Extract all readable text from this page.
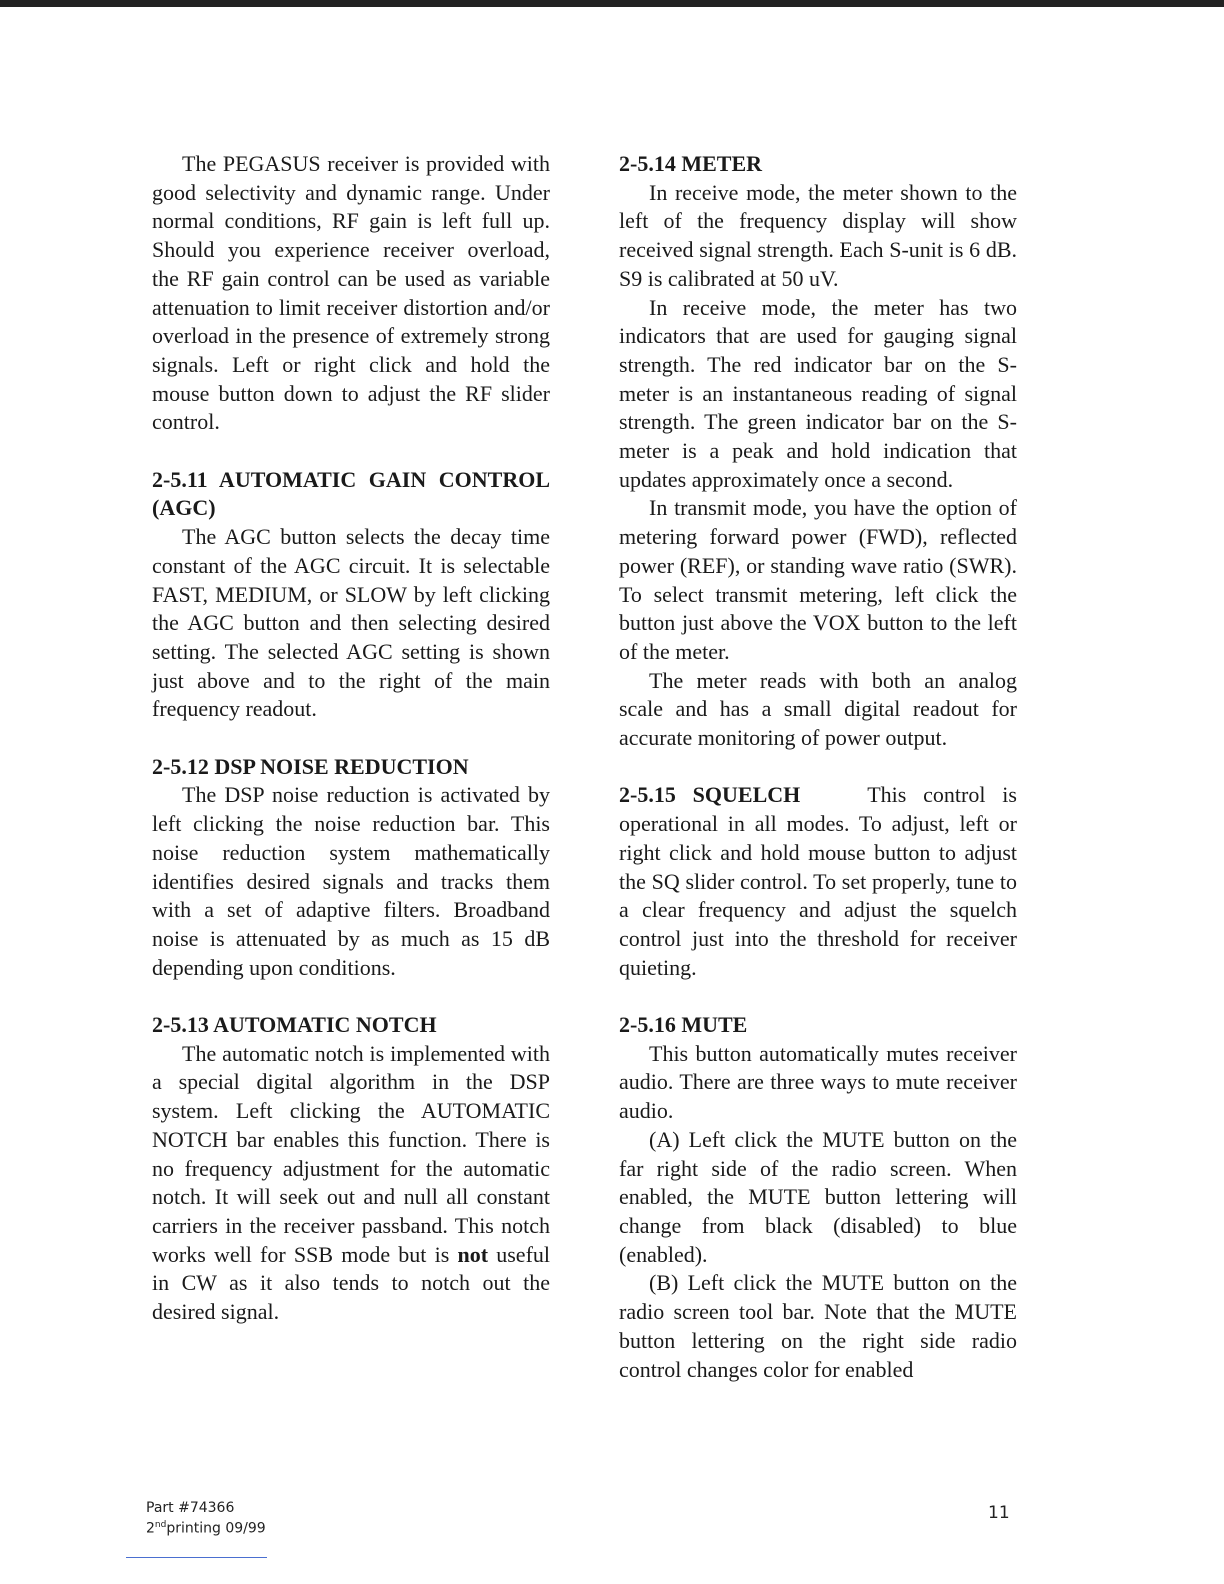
The PEGASUS receiver is provided with good selectivity and dynamic range. Under normal conditions, RF gain is left full up. Should you experience receiver overload, the RF gain control can be used as variable attenuation to limit receiver distortion and/or overload in the presence of extremely strong signals. Left or right click and hold the mouse button down to adjust the RF slider control.

2-5.11 AUTOMATIC GAIN CONTROL (AGC)

The AGC button selects the decay time constant of the AGC circuit. It is selectable FAST, MEDIUM, or SLOW by left clicking the AGC button and then selecting desired setting. The selected AGC setting is shown just above and to the right of the main frequency readout.

2-5.12 DSP NOISE REDUCTION

The DSP noise reduction is activated by left clicking the noise reduction bar. This noise reduction system mathematically identifies desired signals and tracks them with a set of adaptive filters. Broadband noise is attenuated by as much as 15 dB depending upon conditions.

2-5.13 AUTOMATIC NOTCH

The automatic notch is implemented with a special digital algorithm in the DSP system. Left clicking the AUTOMATIC NOTCH bar enables this function. There is no frequency adjustment for the automatic notch. It will seek out and null all constant carriers in the receiver passband. This notch works well for SSB mode but is not useful in CW as it also tends to notch out the desired signal.

2-5.14 METER

In receive mode, the meter shown to the left of the frequency display will show received signal strength. Each S-unit is 6 dB. S9 is calibrated at 50 uV.

In receive mode, the meter has two indicators that are used for gauging signal strength. The red indicator bar on the S-meter is an instantaneous reading of signal strength. The green indicator bar on the S-meter is a peak and hold indication that updates approximately once a second.

In transmit mode, you have the option of metering forward power (FWD), reflected power (REF), or standing wave ratio (SWR). To select transmit metering, left click the button just above the VOX button to the left of the meter.

The meter reads with both an analog scale and has a small digital readout for accurate monitoring of power output.

2-5.15 SQUELCH	This control is operational in all modes. To adjust, left or right click and hold mouse button to adjust the SQ slider control. To set properly, tune to a clear frequency and adjust the squelch control just into the threshold for receiver quieting.

2-5.16 MUTE

This button automatically mutes receiver audio. There are three ways to mute receiver audio.

(A) Left click the MUTE button on the far right side of the radio screen. When enabled, the MUTE button lettering will change from black (disabled) to blue (enabled).

(B) Left click the MUTE button on the radio screen tool bar. Note that the MUTE button lettering on the right side radio control changes color for enabled

Part #74366
2ndprinting 09/99
11
